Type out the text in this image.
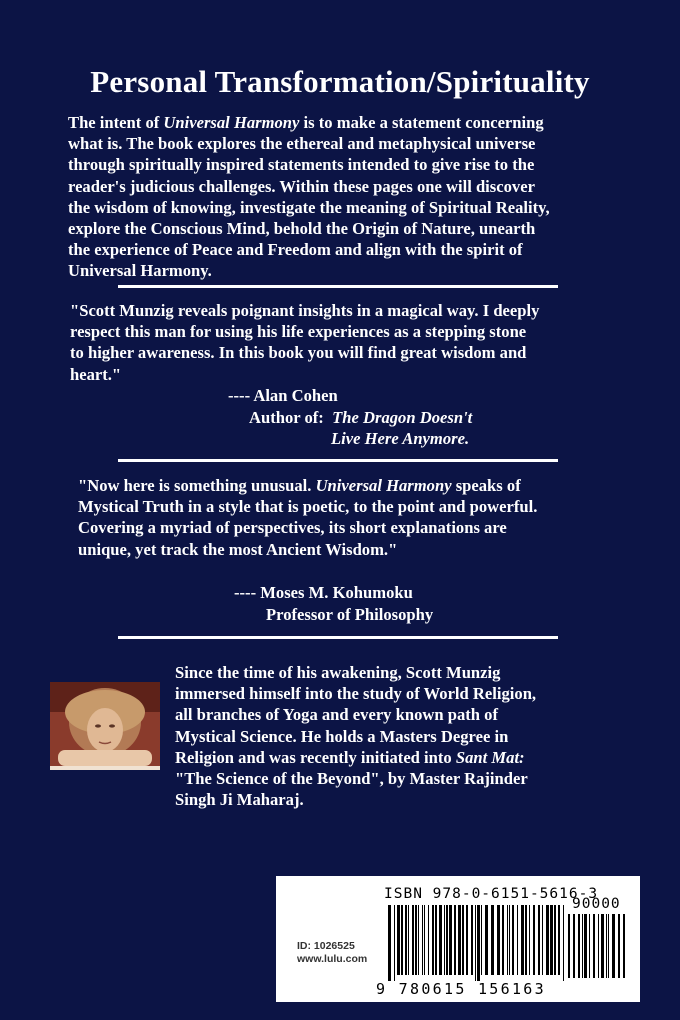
Personal Transformation/Spirituality
The intent of Universal Harmony is to make a statement concerning
what is. The book explores the ethereal and metaphysical universe
through spiritually inspired statements intended to give rise to the
reader's judicious challenges. Within these pages one will discover
the wisdom of knowing, investigate the meaning of Spiritual Reality,
explore the Conscious Mind, behold the Origin of Nature, unearth
the experience of Peace and Freedom and align with the spirit of
Universal Harmony.
"Scott Munzig reveals poignant insights in a magical way. I deeply
respect this man for using his life experiences as a stepping stone
to higher awareness. In this book you will find great wisdom and
heart."
---- Alan Cohen
Author of: The Dragon Doesn't
Live Here Anymore.
"Now here is something unusual. Universal Harmony speaks of
Mystical Truth in a style that is poetic, to the point and powerful.
Covering a myriad of perspectives, its short explanations are
unique, yet track the most Ancient Wisdom."
---- Moses M. Kohumoku
Professor of Philosophy
Since the time of his awakening, Scott Munzig
immersed himself into the study of World Religion,
all branches of Yoga and every known path of
Mystical Science. He holds a Masters Degree in
Religion and was recently initiated into Sant Mat:
"The Science of the Beyond", by Master Rajinder
Singh Ji Maharaj.
ISBN 978-0-6151-5616-3
90000
ID: 1026525
www.lulu.com
9 780615 156163
